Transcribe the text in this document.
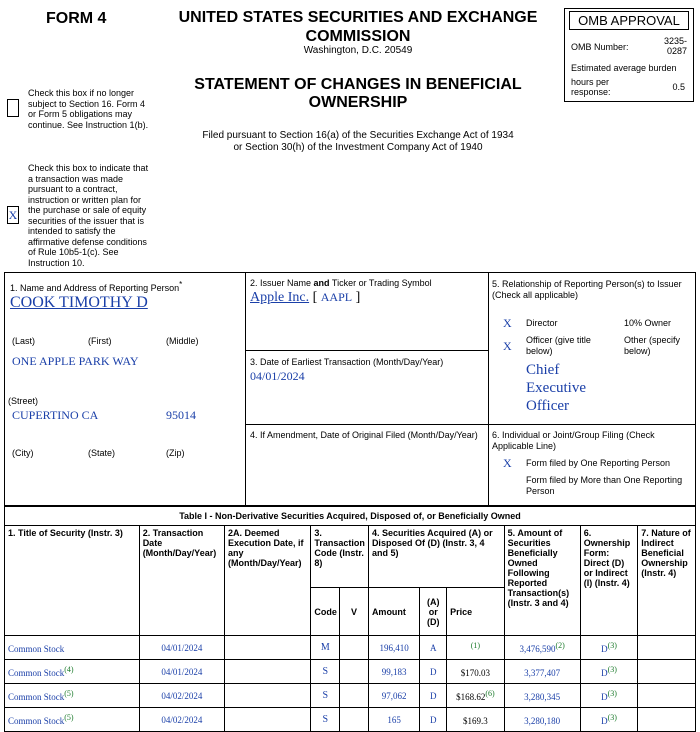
FORM 4	UNITED STATES SECURITIES AND EXCHANGE
COMMISSION
Washington, D.C. 20549
STATEMENT OF CHANGES IN BENEFICIAL
OWNERSHIP
Filed pursuant to Section 16(a) of the Securities Exchange Act of 1934
or Section 30(h) of the Investment Company Act of 1940
OMB APPROVAL
OMB Number:
3235-0287
Estimated average burden
hours per response:	0.5
Check this box if no longer subject to Section 16. Form 4 or Form 5 obligations may continue. See Instruction 1(b).
X
Check this box to indicate that a transaction was made pursuant to a contract, instruction or written plan for the purchase or sale of equity securities of the issuer that is intended to satisfy the affirmative defense conditions of Rule 10b5-1(c). See Instruction 10.
1. Name and Address of Reporting Person*
COOK TIMOTHY D
(Last)	(First)	(Middle)
ONE APPLE PARK WAY
(Street)
CUPERTINO CA	95014
(City)	(State)	(Zip)
2. Issuer Name and Ticker or Trading Symbol
Apple Inc. [ AAPL ]
3. Date of Earliest Transaction (Month/Day/Year)
04/01/2024
4. If Amendment, Date of Original Filed (Month/Day/Year)
5. Relationship of Reporting Person(s) to Issuer
(Check all applicable)
X Director	10% Owner
X Officer (give title below)
Other (specify below)
Chief
Executive
Officer
6. Individual or Joint/Group Filing (Check Applicable Line)
X Form filed by One Reporting Person
Form filed by More than One Reporting Person
Table I - Non-Derivative Securities Acquired, Disposed of, or Beneficially Owned										
1. Title of Security (Instr. 3)	2. Transaction Date (Month/Day/Year)	2A. Deemed Execution Date, if any (Month/Day/Year)	3. Transaction Code (Instr. 8)		4. Securities Acquired (A) or Disposed Of (D) (Instr. 3, 4 and 5)			5. Amount of Securities Beneficially Owned Following Reported Transaction(s) (Instr. 3 and 4)	6. Ownership Form: Direct (D) or Indirect (I) (Instr. 4)	7. Nature of Indirect Beneficial Ownership (Instr. 4)
			Code	V	Amount	(A) or (D)	Price			
Common Stock	04/01/2024		M		196,410	A	$^{(1)}$	3,476,590$^{(2)}$	$D^{(3)}$	
Common Stock$^{(4)}$	04/01/2024		S		99,183	D	$170.03	3,377,407	$D^{(3)}$	
Common Stock$^{(5)}$	04/02/2024		S		97,062	D	$168.62$^{(6)}$	3,280,345	$D^{(3)}$	
Common Stock$^{(5)}$	04/02/2024		S		165	D	$169.3	3,280,180	$D^{(3)}$	
